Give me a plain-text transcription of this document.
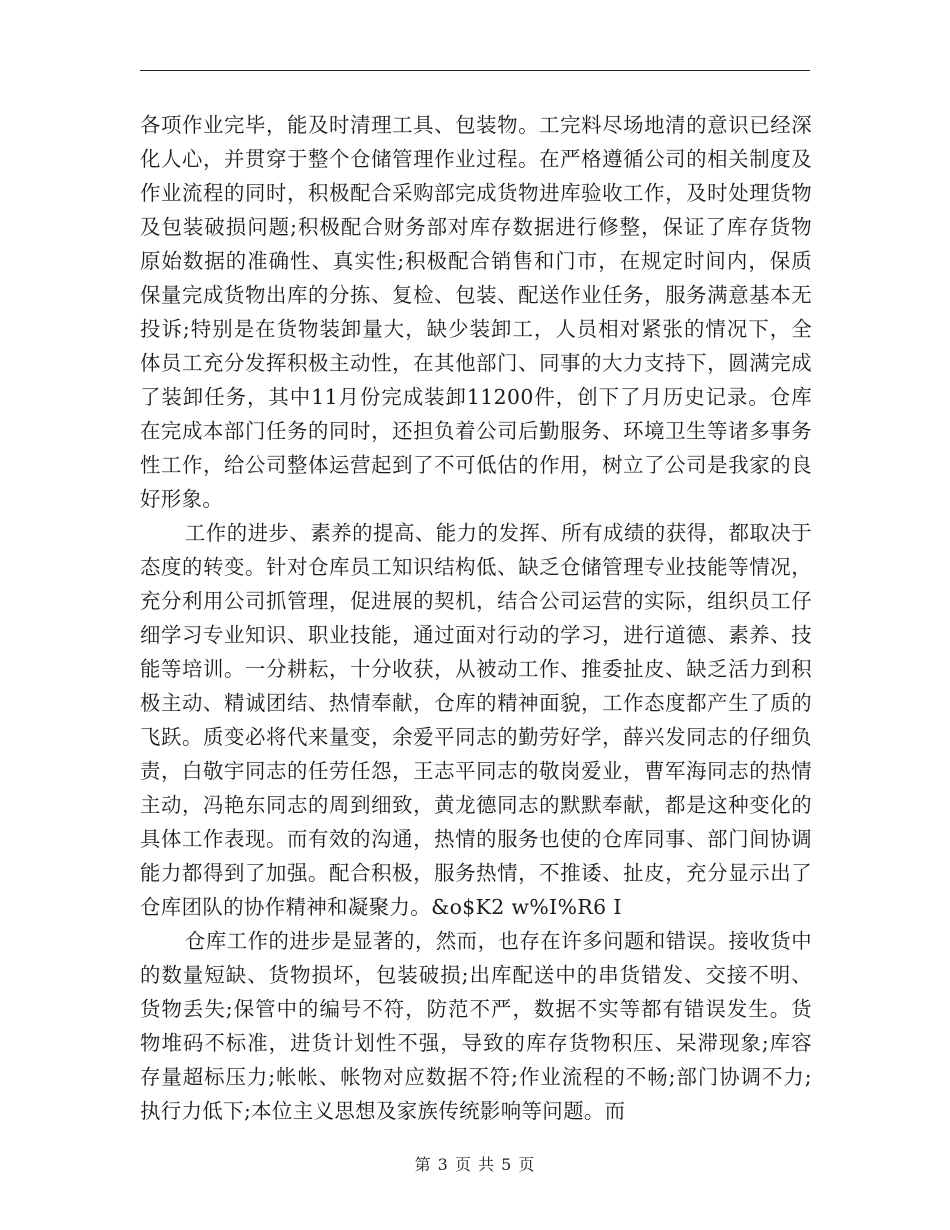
各项作业完毕，能及时清理工具、包装物。工完料尽场地清的意识已经深化人心，并贯穿于整个仓储管理作业过程。在严格遵循公司的相关制度及作业流程的同时，积极配合采购部完成货物进库验收工作，及时处理货物及包装破损问题;积极配合财务部对库存数据进行修整，保证了库存货物原始数据的准确性、真实性;积极配合销售和门市，在规定时间内，保质保量完成货物出库的分拣、复检、包装、配送作业任务，服务满意基本无投诉;特别是在货物装卸量大，缺少装卸工，人员相对紧张的情况下，全体员工充分发挥积极主动性，在其他部门、同事的大力支持下，圆满完成了装卸任务，其中11月份完成装卸11200件，创下了月历史记录。仓库在完成本部门任务的同时，还担负着公司后勤服务、环境卫生等诸多事务性工作，给公司整体运营起到了不可低估的作用，树立了公司是我家的良好形象。

工作的进步、素养的提高、能力的发挥、所有成绩的获得，都取决于态度的转变。针对仓库员工知识结构低、缺乏仓储管理专业技能等情况，充分利用公司抓管理，促进展的契机，结合公司运营的实际，组织员工仔细学习专业知识、职业技能，通过面对行动的学习，进行道德、素养、技能等培训。一分耕耘，十分收获，从被动工作、推委扯皮、缺乏活力到积极主动、精诚团结、热情奉献，仓库的精神面貌，工作态度都产生了质的飞跃。质变必将代来量变，余爱平同志的勤劳好学，薛兴发同志的仔细负责，白敬宇同志的任劳任怨，王志平同志的敬岗爱业，曹军海同志的热情主动，冯艳东同志的周到细致，黄龙德同志的默默奉献，都是这种变化的具体工作表现。而有效的沟通，热情的服务也使的仓库同事、部门间协调能力都得到了加强。配合积极，服务热情，不推诿、扯皮，充分显示出了仓库团队的协作精神和凝聚力。&o$K2 w%I%R6 I

仓库工作的进步是显著的，然而，也存在许多问题和错误。接收货中的数量短缺、货物损坏，包装破损;出库配送中的串货错发、交接不明、货物丢失;保管中的编号不符，防范不严，数据不实等都有错误发生。货物堆码不标准，进货计划性不强，导致的库存货物积压、呆滞现象;库容存量超标压力;帐帐、帐物对应数据不符;作业流程的不畅;部门协调不力;执行力低下;本位主义思想及家族传统影响等问题。而

第 3 页 共 5 页
